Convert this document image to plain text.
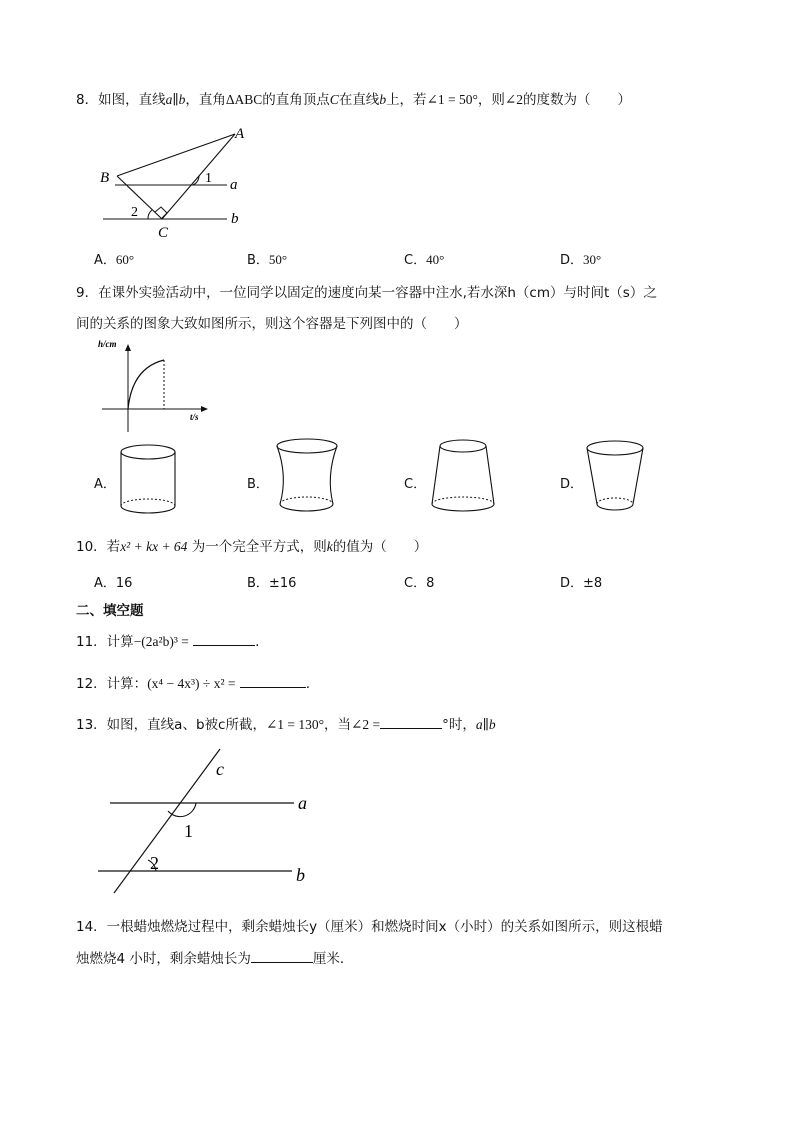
8．如图，直线a∥b，直角ΔABC的直角顶点C在直线b上，若∠1 = 50°，则∠2的度数为（　　）
A
B
C
a
b
1
2
A．60°	B．50°	C．40°	D．30°
9．在课外实验活动中，一位同学以固定的速度向某一容器中注水,若水深h（cm）与时间t（s）之
间的关系的图象大致如图所示，则这个容器是下列图中的（　　）
h/cm
t/s
A．	B．	C．	D．
10．若x² + kx + 64 为一个完全平方式，则k的值为（　　）
A．16	B．±16	C．8	D．±8
二、填空题
11．计算−(2a²b)³ =	.
12．计算：(x⁴ − 4x³) ÷ x² =	.
13．如图，直线a、b被c所截，∠1 = 130°，当∠2 =	°时，a∥b
a
b
c
1
2
14．一根蜡烛燃烧过程中，剩余蜡烛长y（厘米）和燃烧时间x（小时）的关系如图所示，则这根蜡
烛燃烧4 小时，剩余蜡烛长为	厘米．
